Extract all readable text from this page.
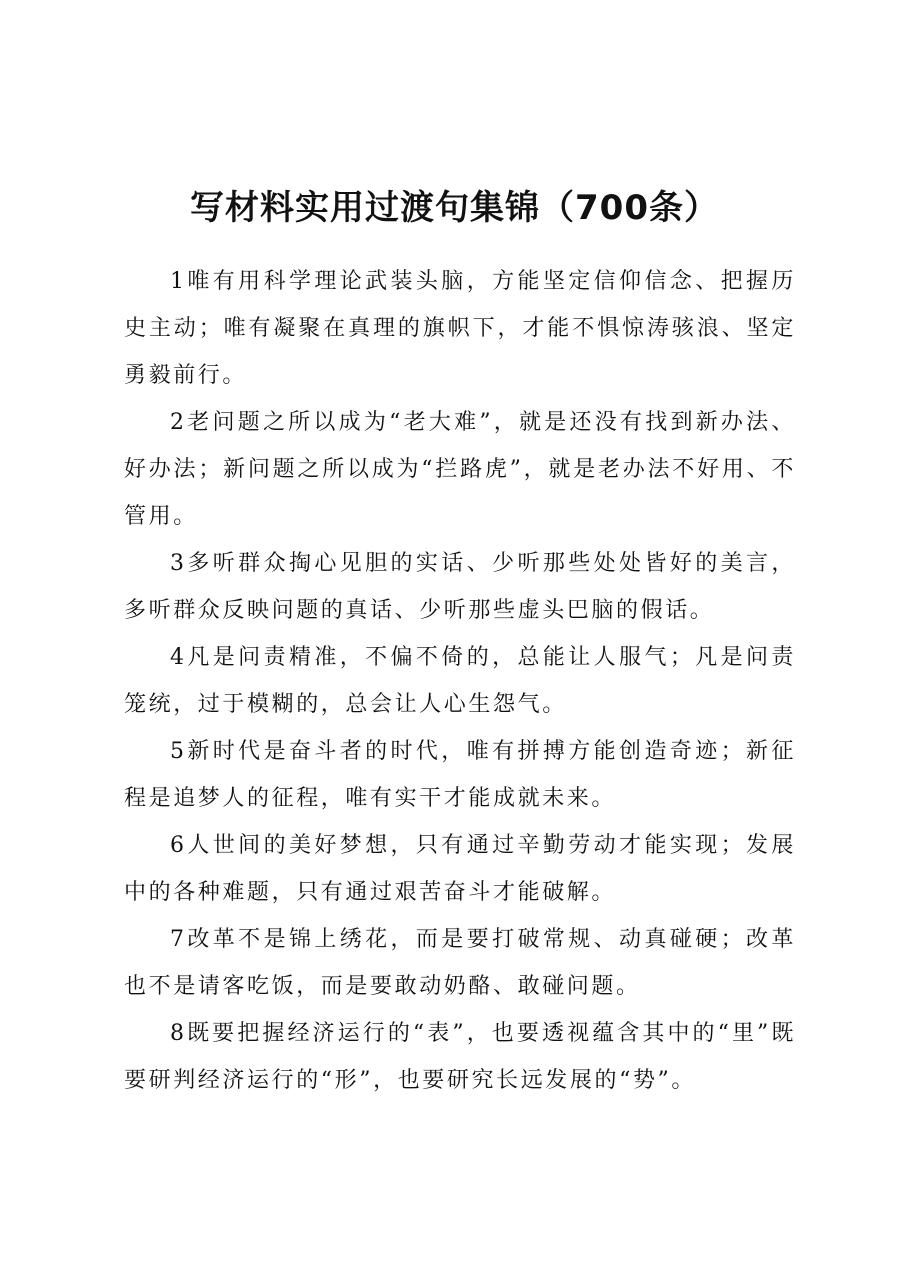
写材料实用过渡句集锦（700条）

1唯有用科学理论武装头脑，方能坚定信仰信念、把握历史主动；唯有凝聚在真理的旗帜下，才能不惧惊涛骇浪、坚定勇毅前行。

2老问题之所以成为“老大难”，就是还没有找到新办法、好办法；新问题之所以成为“拦路虎”，就是老办法不好用、不管用。

3多听群众掏心见胆的实话、少听那些处处皆好的美言，多听群众反映问题的真话、少听那些虚头巴脑的假话。

4凡是问责精准，不偏不倚的，总能让人服气；凡是问责笼统，过于模糊的，总会让人心生怨气。

5新时代是奋斗者的时代，唯有拼搏方能创造奇迹；新征程是追梦人的征程，唯有实干才能成就未来。

6人世间的美好梦想，只有通过辛勤劳动才能实现；发展中的各种难题，只有通过艰苦奋斗才能破解。

7改革不是锦上绣花，而是要打破常规、动真碰硬；改革也不是请客吃饭，而是要敢动奶酪、敢碰问题。

8既要把握经济运行的“表”，也要透视蕴含其中的“里”既要研判经济运行的“形”，也要研究长远发展的“势”。
